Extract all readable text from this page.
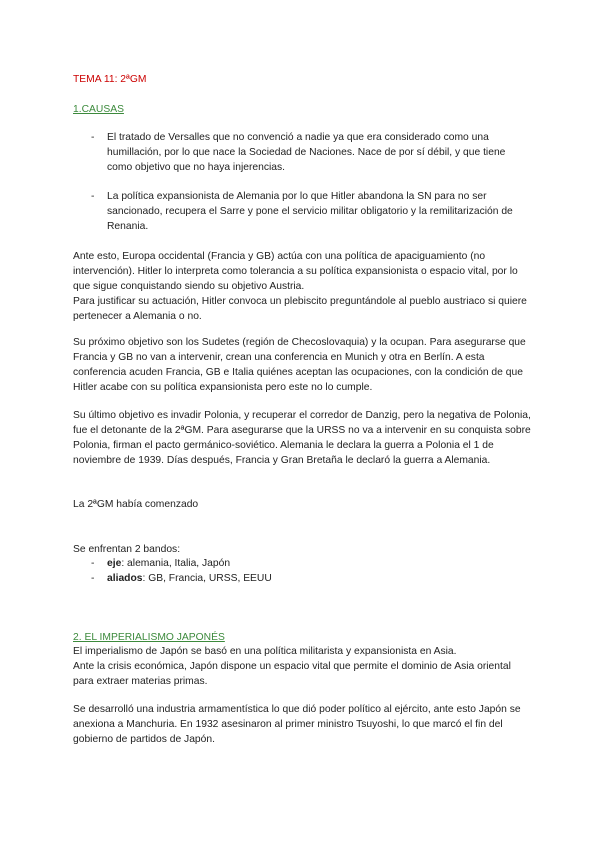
TEMA 11: 2ªGM

1.CAUSAS

- El tratado de Versalles que no convenció a nadie ya que era considerado como una humillación, por lo que nace la Sociedad de Naciones. Nace de por sí débil, y que tiene como objetivo que no haya injerencias.
- La política expansionista de Alemania por lo que Hitler abandona la SN para no ser sancionado, recupera el Sarre y pone el servicio militar obligatorio y la remilitarización de Renania.
Ante esto, Europa occidental (Francia y GB) actúa con una política de apaciguamiento (no intervención). Hitler lo interpreta como tolerancia a su política expansionista o espacio vital, por lo que sigue conquistando siendo su objetivo Austria.
Para justificar su actuación, Hitler convoca un plebiscito preguntándole al pueblo austriaco si quiere pertenecer a Alemania o no.

Su próximo objetivo son los Sudetes (región de Checoslovaquia) y la ocupan. Para asegurarse que Francia y GB no van a intervenir, crean una conferencia en Munich y otra en Berlín. A esta conferencia acuden Francia, GB e Italia quiénes aceptan las ocupaciones, con la condición de que Hitler acabe con su política expansionista pero este no lo cumple.

Su último objetivo es invadir Polonia, y recuperar el corredor de Danzig, pero la negativa de Polonia, fue el detonante de la 2ªGM. Para asegurarse que la URSS no va a intervenir en su conquista sobre Polonia, firman el pacto germánico-soviético. Alemania le declara la guerra a Polonia el 1 de noviembre de 1939. Días después, Francia y Gran Bretaña le declaró la guerra a Alemania.

La 2ªGM había comenzado

Se enfrentan 2 bandos:

- eje: alemania, Italia, Japón
- aliados: GB, Francia, URSS, EEUU

2. EL IMPERIALISMO JAPONÉS

El imperialismo de Japón se basó en una política militarista y expansionista en Asia.
Ante la crisis económica, Japón dispone un espacio vital que permite el dominio de Asia oriental para extraer materias primas.

Se desarrolló una industria armamentística lo que dió poder político al ejército, ante esto Japón se anexiona a Manchuria. En 1932 asesinaron al primer ministro Tsuyoshi, lo que marcó el fin del gobierno de partidos de Japón.
